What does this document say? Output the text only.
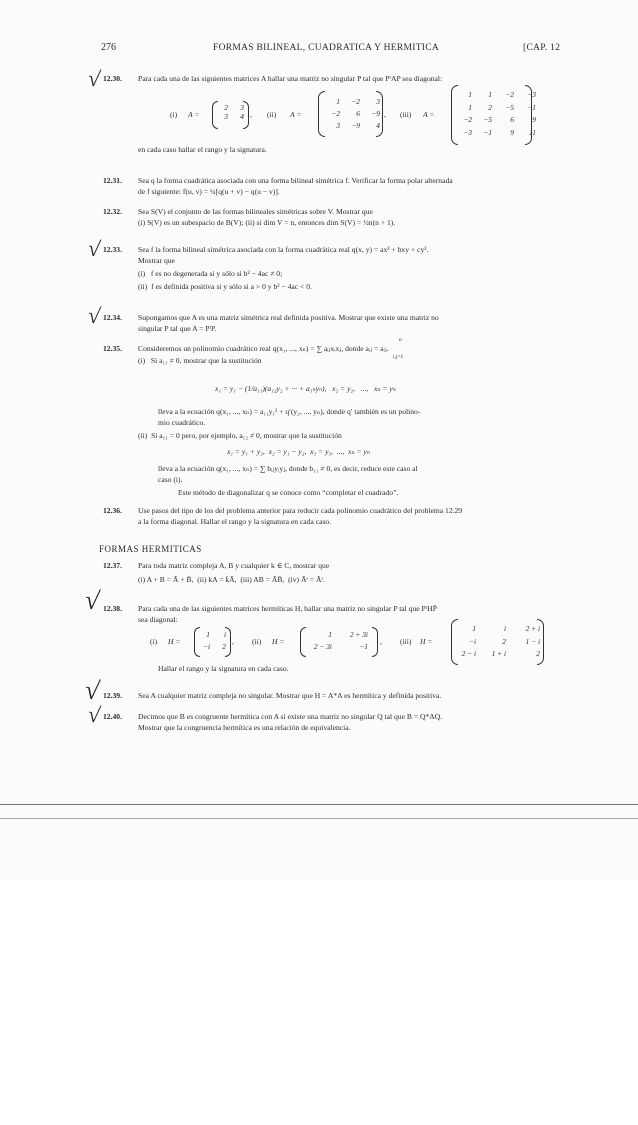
276	FORMAS BILINEAL, CUADRATICA Y HERMITICA	[CAP. 12
√ 12.30. Para cada una de las siguientes matrices A hallar una matriz no singular P tal que PᵗAP sea diagonal:
(i) A =
2	3
3	4 , (ii) A =
1	−2	3
−2	6	−9
3	−9	4
, (iii) A =
1	1	−2	−3
1	2	−5	−1
−2	−5	6	9
−3	−1	9	11
en cada caso hallar el rango y la signatura.
12.31. Sea q la forma cuadrática asociada con una forma bilineal simétrica f. Verificar la forma polar alternada
de f siguiente: f(u, v) = ¼[q(u + v) − q(u − v)].
12.32. Sea S(V) el conjunto de las formas bilineales simétricas sobre V. Mostrar que
(i) S(V) es un subespacio de B(V); (ii) si dim V = n, entonces dim S(V) = ½n(n + 1).
√ 12.33. Sea f la forma bilineal simétrica asociada con la forma cuadrática real q(x, y) = ax² + bxy + cy².
Mostrar que
(i)   f es no degenerada si y sólo si b² − 4ac ≠ 0;
(ii)  f es definida positiva si y sólo si a > 0 y b² − 4ac < 0.
√ 12.34. Supongamos que A es una matriz simétrica real definida positiva. Mostrar que existe una matriz no
singular P tal que A = PᵗP.
12.35. Consideremos un polinomio cuadrático real q(x₁, ..., xₙ) = ∑ aᵢⱼxᵢxⱼ, donde aᵢⱼ = aⱼᵢ.
n
i,j=1
(i)   Si a₁₁ ≠ 0, mostrar que la sustitución
x₁ = y₁ − (1/a₁₁)(a₁₂y₂ + ··· + a₁ₙyₙ),   x₂ = y₂,   ...,   xₙ = yₙ
lleva a la ecuación q(x₁, ..., xₙ) = a₁₁y₁² + q′(y₂, ..., yₙ), donde q′ también es un polino-
mio cuadrático.
(ii)  Si a₁₁ = 0 pero, por ejemplo, a₁₂ ≠ 0, mostrar que la sustitución
x₁ = y₁ + y₂,  x₂ = y₁ − y₂,  x₃ = y₃,  ...,  xₙ = yₙ
lleva a la ecuación q(x₁, ..., xₙ) = ∑ bᵢⱼyᵢyⱼ, donde b₁₁ ≠ 0, es decir, reduce este caso al
caso (i).
Este método de diagonalizar q se conoce como “completar el cuadrado”.
12.36. Use pasos del tipo de los del problema anterior para reducir cada polinomio cuadrático del problema 12.29
a la forma diagonal. Hallar el rango y la signatura en cada caso.
FORMAS HERMITICAS
12.37. Para toda matriz compleja A, B y cualquier k ∈ C, mostrar que
(i) A + B = Ā + B̄,  (ii) kA = k̄Ā,  (iii) AB = ĀB̄,  (iv) Āᵗ = Āᵗ.
√ 12.38. Para cada una de las siguientes matrices hermíticas H, hallar una matriz no singular P tal que PᵗHP̄
sea diagonal:
(i) H =
1	i
−i	2
, (ii) H =
1	2 + 3i
2 − 3i	−1
, (iii) H =
1	i	2 + i
−i	2	1 − i
2 − i	1 + i	2
Hallar el rango y la signatura en cada caso.
√ 12.39. Sea A cualquier matriz compleja no singular. Mostrar que H = A*A es hermítica y definida positiva.
√ 12.40. Decimos que B es congruente hermítica con A si existe una matriz no singular Q tal que B = Q*AQ.
Mostrar que la congruencia hermítica es una relación de equivalencia.
